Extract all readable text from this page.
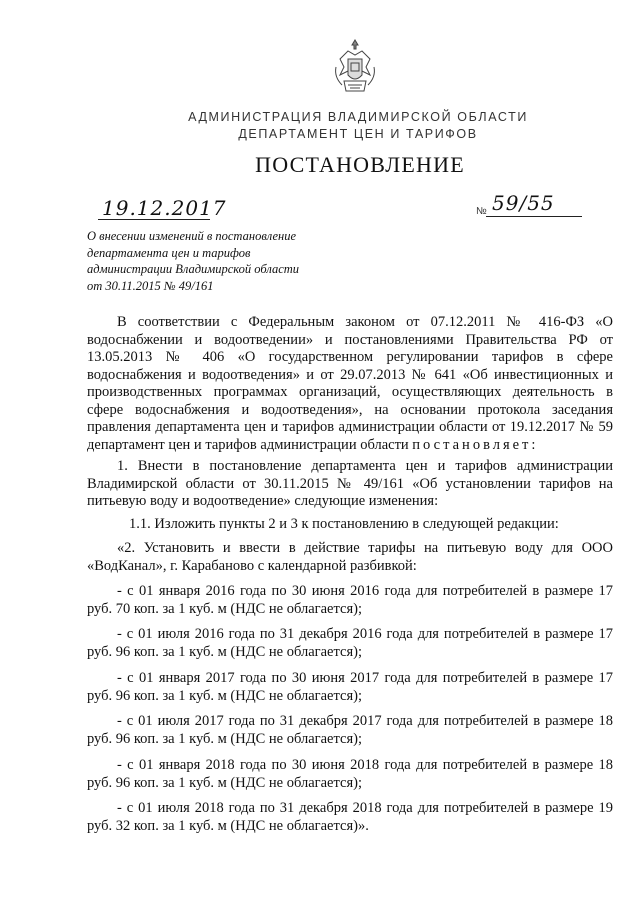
АДМИНИСТРАЦИЯ ВЛАДИМИРСКОЙ ОБЛАСТИ
ДЕПАРТАМЕНТ ЦЕН И ТАРИФОВ
ПОСТАНОВЛЕНИЕ
19.12.2017	№ 59/55
О внесении изменений в постановление
департамента цен и тарифов
администрации Владимирской области
от 30.11.2015 № 49/161
В соответствии с Федеральным законом от 07.12.2011 № 416-ФЗ «О водоснабжении и водоотведении» и постановлениями Правительства РФ от 13.05.2013 № 406 «О государственном регулировании тарифов в сфере водоснабжения и водоотведения» и от 29.07.2013 № 641 «Об инвестиционных и производственных программах организаций, осуществляющих деятельность в сфере водоснабжения и водоотведения», на основании протокола заседания правления департамента цен и тарифов администрации области от 19.12.2017 № 59 департамент цен и тарифов администрации области постановляет:
1. Внести в постановление департамента цен и тарифов администрации Владимирской области от 30.11.2015 № 49/161 «Об установлении тарифов на питьевую воду и водоотведение» следующие изменения:
1.1. Изложить пункты 2 и 3 к постановлению в следующей редакции:
«2. Установить и ввести в действие тарифы на питьевую воду для ООО «ВодКанал», г. Карабаново с календарной разбивкой:
- с 01 января 2016 года по 30 июня 2016 года для потребителей в размере 17 руб. 70 коп. за 1 куб. м (НДС не облагается);
- с 01 июля 2016 года по 31 декабря 2016 года для потребителей в размере 17 руб. 96 коп. за 1 куб. м (НДС не облагается);
- с 01 января 2017 года по 30 июня 2017 года для потребителей в размере 17 руб. 96 коп. за 1 куб. м (НДС не облагается);
- с 01 июля 2017 года по 31 декабря 2017 года для потребителей в размере 18 руб. 96 коп. за 1 куб. м (НДС не облагается);
- с 01 января 2018 года по 30 июня 2018 года для потребителей в размере 18 руб. 96 коп. за 1 куб. м (НДС не облагается);
- с 01 июля 2018 года по 31 декабря 2018 года для потребителей в размере 19 руб. 32 коп. за 1 куб. м (НДС не облагается)».
